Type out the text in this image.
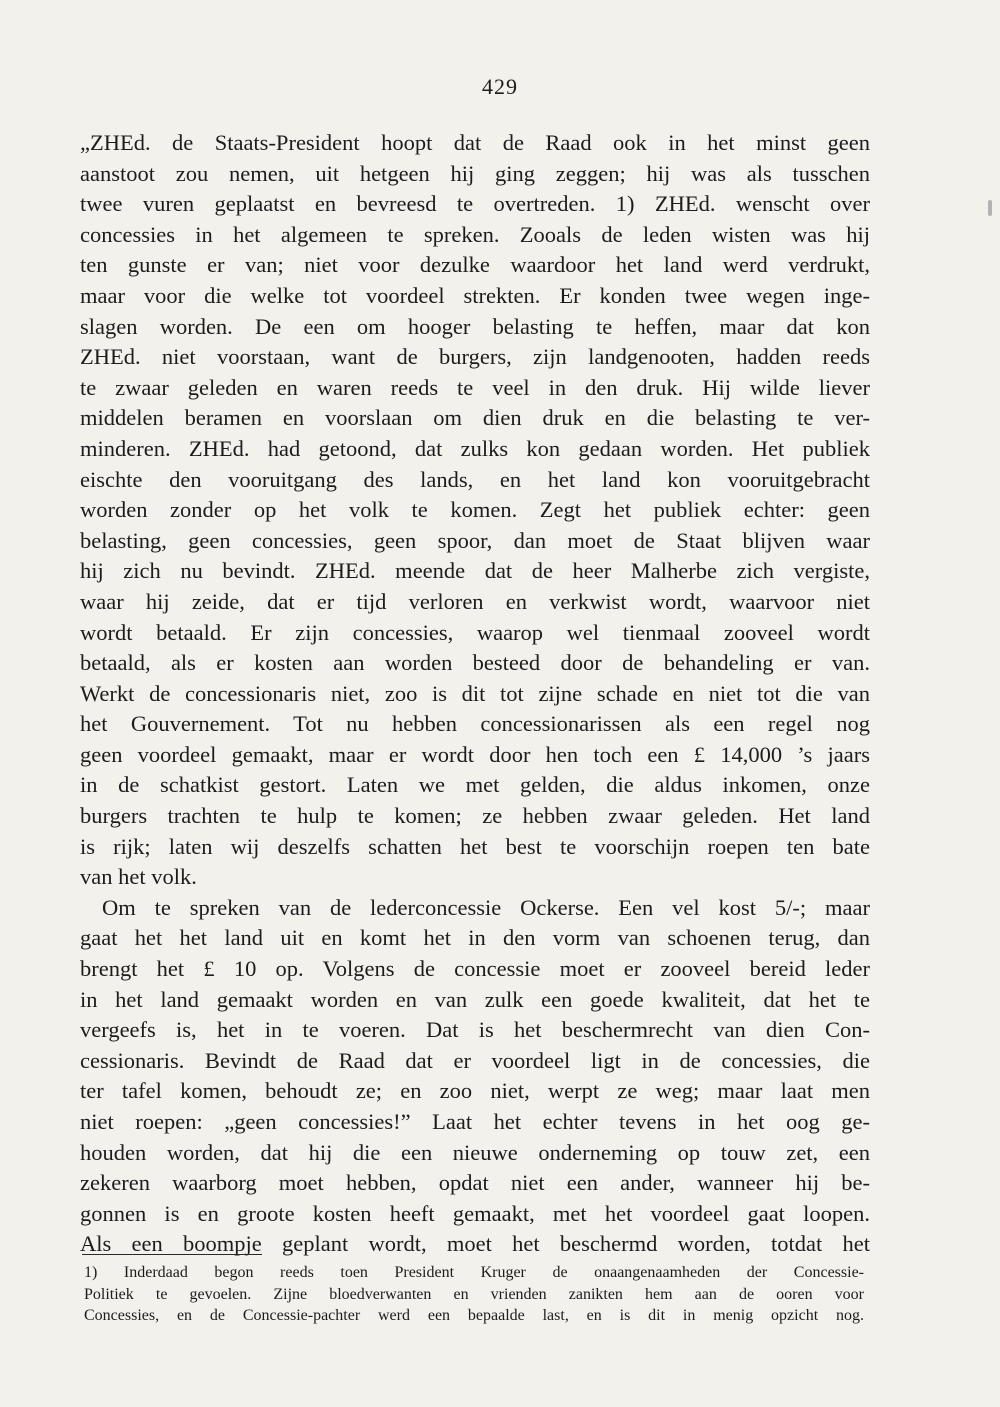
429
„ZHEd. de Staats-President hoopt dat de Raad ook in het minst geen
aanstoot zou nemen, uit hetgeen hij ging zeggen; hij was als tusschen
twee vuren geplaatst en bevreesd te overtreden. 1) ZHEd. wenscht over
concessies in het algemeen te spreken. Zooals de leden wisten was hij
ten gunste er van; niet voor dezulke waardoor het land werd verdrukt,
maar voor die welke tot voordeel strekten. Er konden twee wegen inge-
slagen worden. De een om hooger belasting te heffen, maar dat kon
ZHEd. niet voorstaan, want de burgers, zijn landgenooten, hadden reeds
te zwaar geleden en waren reeds te veel in den druk. Hij wilde liever
middelen beramen en voorslaan om dien druk en die belasting te ver-
minderen. ZHEd. had getoond, dat zulks kon gedaan worden. Het publiek
eischte den vooruitgang des lands, en het land kon vooruitgebracht
worden zonder op het volk te komen. Zegt het publiek echter: geen
belasting, geen concessies, geen spoor, dan moet de Staat blijven waar
hij zich nu bevindt. ZHEd. meende dat de heer Malherbe zich vergiste,
waar hij zeide, dat er tijd verloren en verkwist wordt, waarvoor niet
wordt betaald. Er zijn concessies, waarop wel tienmaal zooveel wordt
betaald, als er kosten aan worden besteed door de behandeling er van.
Werkt de concessionaris niet, zoo is dit tot zijne schade en niet tot die van
het Gouvernement. Tot nu hebben concessionarissen als een regel nog
geen voordeel gemaakt, maar er wordt door hen toch een £ 14,000 ’s jaars
in de schatkist gestort. Laten we met gelden, die aldus inkomen, onze
burgers trachten te hulp te komen; ze hebben zwaar geleden. Het land
is rijk; laten wij deszelfs schatten het best te voorschijn roepen ten bate
van het volk.
Om te spreken van de lederconcessie Ockerse. Een vel kost 5/-; maar
gaat het het land uit en komt het in den vorm van schoenen terug, dan
brengt het £ 10 op. Volgens de concessie moet er zooveel bereid leder
in het land gemaakt worden en van zulk een goede kwaliteit, dat het te
vergeefs is, het in te voeren. Dat is het beschermrecht van dien Con-
cessionaris. Bevindt de Raad dat er voordeel ligt in de concessies, die
ter tafel komen, behoudt ze; en zoo niet, werpt ze weg; maar laat men
niet roepen: „geen concessies!” Laat het echter tevens in het oog ge-
houden worden, dat hij die een nieuwe onderneming op touw zet, een
zekeren waarborg moet hebben, opdat niet een ander, wanneer hij be-
gonnen is en groote kosten heeft gemaakt, met het voordeel gaat loopen.
Als een boompje geplant wordt, moet het beschermd worden, totdat het
1) Inderdaad begon reeds toen President Kruger de onaangenaamheden der Concessie-
Politiek te gevoelen. Zijne bloedverwanten en vrienden zanikten hem aan de ooren voor
Concessies, en de Concessie-pachter werd een bepaalde last, en is dit in menig opzicht nog.
